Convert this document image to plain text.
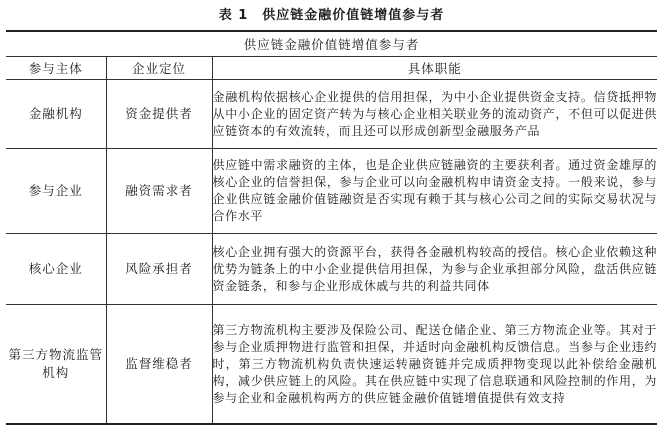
表 1　供应链金融价值链增值参与者
供应链金融价值链增值参与者		
参与主体	企业定位	具体职能
金融机构	资金提供者	金融机构依据核心企业提供的信用担保，为中小企业提供资金支持。信贷抵押物从中小企业的固定资产转为与核心企业相关联业务的流动资产，不但可以促进供应链资本的有效流转，而且还可以形成创新型金融服务产品
参与企业	融资需求者	供应链中需求融资的主体，也是企业供应链融资的主要获利者。通过资金雄厚的核心企业的信誉担保，参与企业可以向金融机构申请资金支持。一般来说，参与企业供应链金融价值链融资是否实现有赖于其与核心公司之间的实际交易状况与合作水平
核心企业	风险承担者	核心企业拥有强大的资源平台，获得各金融机构较高的授信。核心企业依赖这种优势为链条上的中小企业提供信用担保，为参与企业承担部分风险，盘活供应链资金链条，和参与企业形成休戚与共的利益共同体
第三方物流监管机构	监督维稳者	第三方物流机构主要涉及保险公司、配送仓储企业、第三方物流企业等。其对于参与企业质押物进行监管和担保，并适时向金融机构反馈信息。当参与企业违约时，第三方物流机构负责快速运转融资链并完成质押物变现以此补偿给金融机构，减少供应链上的风险。其在供应链中实现了信息联通和风险控制的作用，为参与企业和金融机构两方的供应链金融价值链增值提供有效支持
